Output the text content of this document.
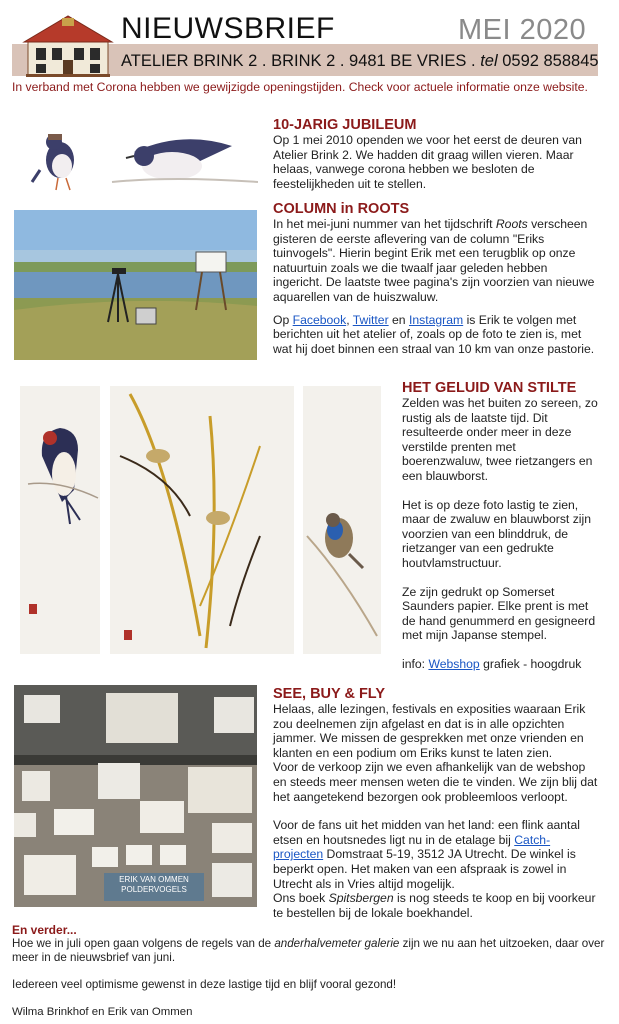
NIEUWSBRIEF	MEI 2020
ATELIER BRINK 2 . BRINK 2 . 9481 BE VRIES . tel 0592 858845
In verband met Corona hebben we gewijzigde openingstijden. Check voor actuele informatie onze website.
10-JARIG JUBILEUM

Op 1 mei 2010 openden we voor het eerst de deuren van Atelier Brink 2. We hadden dit graag willen vieren. Maar helaas, vanwege corona hebben we besloten de feestelijkheden uit te stellen.

COLUMN in ROOTS

In het mei-juni nummer van het tijdschrift Roots verscheen gisteren de eerste aflevering van de column "Eriks tuinvogels". Hierin begint Erik met een terugblik op onze natuurtuin zoals we die twaalf jaar geleden hebben ingericht. De laatste twee pagina's zijn voorzien van nieuwe aquarellen van de huiszwaluw.

Op Facebook, Twitter en Instagram is Erik te volgen met berichten uit het atelier of, zoals op de foto te zien is, met wat hij doet binnen een straal van 10 km van onze pastorie.

HET GELUID VAN STILTE

Zelden was het buiten zo sereen, zo rustig als de laatste tijd. Dit resulteerde onder meer in deze verstilde prenten met boerenzwaluw, twee rietzangers en een blauwborst.

Het is op deze foto lastig te zien, maar de zwaluw en blauwborst zijn voorzien van een blinddruk, de rietzanger van een gedrukte houtvlamstructuur.

Ze zijn gedrukt op Somerset Saunders papier. Elke prent is met de hand genummerd en gesigneerd met mijn Japanse stempel.

info: Webshop grafiek - hoogdruk

ERIK VAN OMMEN
POLDERVOGELS
SEE, BUY & FLY

Helaas, alle lezingen, festivals en exposities waaraan Erik zou deelnemen zijn afgelast en dat is in alle opzichten jammer. We missen de gesprekken met onze vrienden en klanten en een podium om Eriks kunst te laten zien.

Voor de verkoop zijn we even afhankelijk van de webshop en steeds meer mensen weten die te vinden. We zijn blij dat het aangetekend bezorgen ook probleemloos verloopt.

Voor de fans uit het midden van het land: een flink aantal etsen en houtsnedes ligt nu in de etalage bij Catch-projecten Domstraat 5-19, 3512 JA Utrecht. De winkel is beperkt open. Het maken van een afspraak is zowel in Utrecht als in Vries altijd mogelijk.

Ons boek Spitsbergen is nog steeds te koop en bij voorkeur te bestellen bij de lokale boekhandel.

En verder...

Hoe we in juli open gaan volgens de regels van de anderhalvemeter galerie zijn we nu aan het uitzoeken, daar over meer in de nieuwsbrief van juni.

Iedereen veel optimisme gewenst in deze lastige tijd en blijf vooral gezond!

Wilma Brinkhof en Erik van Ommen
